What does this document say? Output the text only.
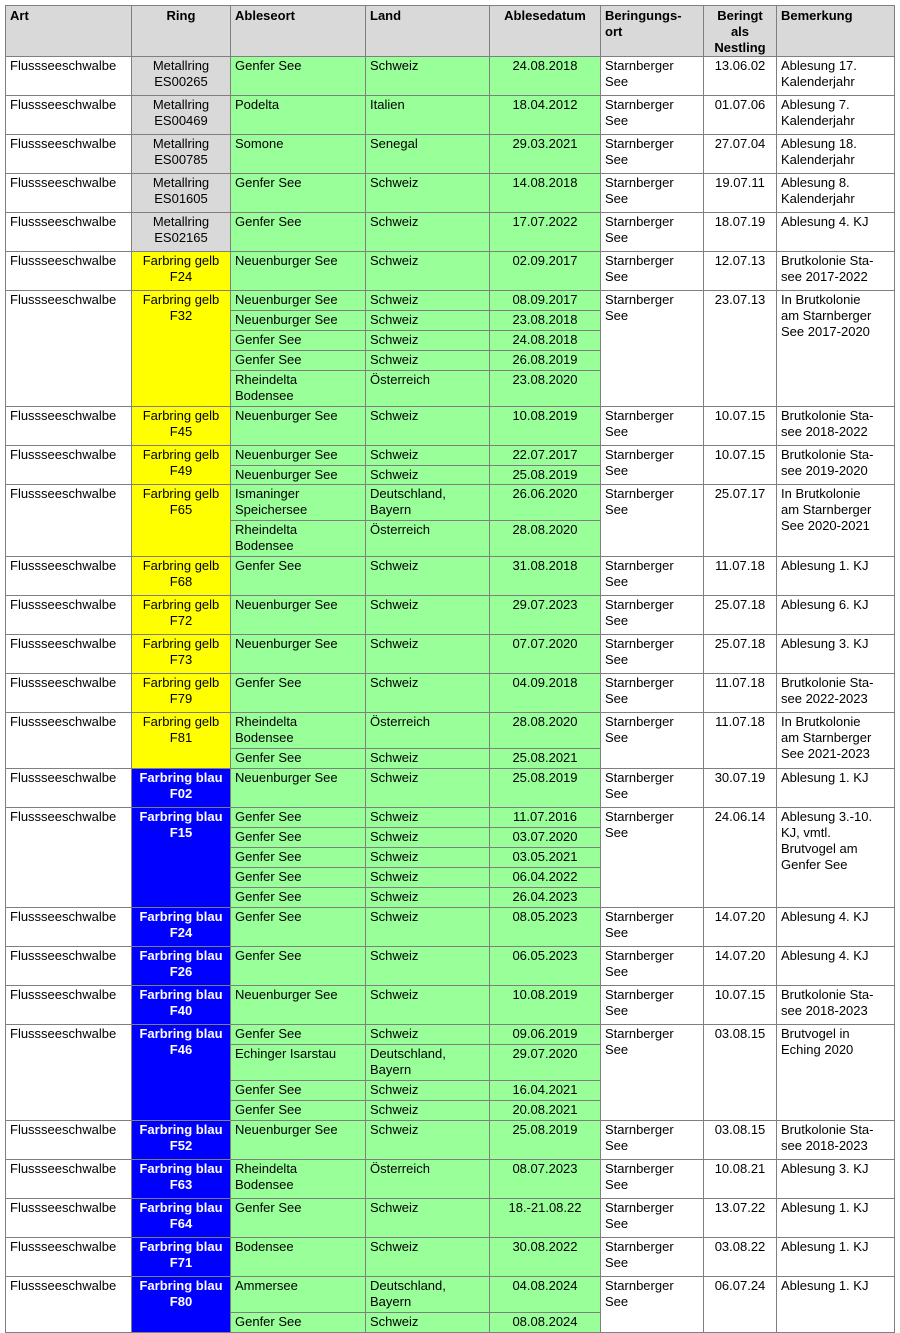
Art	Ring	Ableseort	Land	Ablesedatum	Beringungs-
ort	Beringt
als
Nestling	Bemerkung
Flussseeschwalbe	Metallring
ES00265	Genfer See	Schweiz	24.08.2018	Starnberger
See	13.06.02	Ablesung 17.
Kalenderjahr
Flussseeschwalbe	Metallring
ES00469	Podelta	Italien	18.04.2012	Starnberger
See	01.07.06	Ablesung 7.
Kalenderjahr
Flussseeschwalbe	Metallring
ES00785	Somone	Senegal	29.03.2021	Starnberger
See	27.07.04	Ablesung 18.
Kalenderjahr
Flussseeschwalbe	Metallring
ES01605	Genfer See	Schweiz	14.08.2018	Starnberger
See	19.07.11	Ablesung 8.
Kalenderjahr
Flussseeschwalbe	Metallring
ES02165	Genfer See	Schweiz	17.07.2022	Starnberger
See	18.07.19	Ablesung 4. KJ
Flussseeschwalbe	Farbring gelb
F24	Neuenburger See	Schweiz	02.09.2017	Starnberger
See	12.07.13	Brutkolonie Sta-
see 2017-2022
Flussseeschwalbe	Farbring gelb
F32	Neuenburger See	Schweiz	08.09.2017	Starnberger
See	23.07.13	In Brutkolonie
am Starnberger
See 2017-2020
		Neuenburger See	Schweiz	23.08.2018			
		Genfer See	Schweiz	24.08.2018			
		Genfer See	Schweiz	26.08.2019			
		Rheindelta
Bodensee	Österreich	23.08.2020			
Flussseeschwalbe	Farbring gelb
F45	Neuenburger See	Schweiz	10.08.2019	Starnberger
See	10.07.15	Brutkolonie Sta-
see 2018-2022
Flussseeschwalbe	Farbring gelb
F49	Neuenburger See	Schweiz	22.07.2017	Starnberger
See	10.07.15	Brutkolonie Sta-
see 2019-2020
		Neuenburger See	Schweiz	25.08.2019			
Flussseeschwalbe	Farbring gelb
F65	Ismaninger
Speichersee	Deutschland,
Bayern	26.06.2020	Starnberger
See	25.07.17	In Brutkolonie
am Starnberger
See 2020-2021
		Rheindelta
Bodensee	Österreich	28.08.2020			
Flussseeschwalbe	Farbring gelb
F68	Genfer See	Schweiz	31.08.2018	Starnberger
See	11.07.18	Ablesung 1. KJ
Flussseeschwalbe	Farbring gelb
F72	Neuenburger See	Schweiz	29.07.2023	Starnberger
See	25.07.18	Ablesung 6. KJ
Flussseeschwalbe	Farbring gelb
F73	Neuenburger See	Schweiz	07.07.2020	Starnberger
See	25.07.18	Ablesung 3. KJ
Flussseeschwalbe	Farbring gelb
F79	Genfer See	Schweiz	04.09.2018	Starnberger
See	11.07.18	Brutkolonie Sta-
see 2022-2023
Flussseeschwalbe	Farbring gelb
F81	Rheindelta
Bodensee	Österreich	28.08.2020	Starnberger
See	11.07.18	In Brutkolonie
am Starnberger
See 2021-2023
		Genfer See	Schweiz	25.08.2021			
Flussseeschwalbe	Farbring blau
F02	Neuenburger See	Schweiz	25.08.2019	Starnberger
See	30.07.19	Ablesung 1. KJ
Flussseeschwalbe	Farbring blau
F15	Genfer See	Schweiz	11.07.2016	Starnberger
See	24.06.14	Ablesung 3.-10.
KJ, vmtl.
Brutvogel am
Genfer See
		Genfer See	Schweiz	03.07.2020			
		Genfer See	Schweiz	03.05.2021			
		Genfer See	Schweiz	06.04.2022			
		Genfer See	Schweiz	26.04.2023			
Flussseeschwalbe	Farbring blau
F24	Genfer See	Schweiz	08.05.2023	Starnberger
See	14.07.20	Ablesung 4. KJ
Flussseeschwalbe	Farbring blau
F26	Genfer See	Schweiz	06.05.2023	Starnberger
See	14.07.20	Ablesung 4. KJ
Flussseeschwalbe	Farbring blau
F40	Neuenburger See	Schweiz	10.08.2019	Starnberger
See	10.07.15	Brutkolonie Sta-
see 2018-2023
Flussseeschwalbe	Farbring blau
F46	Genfer See	Schweiz	09.06.2019	Starnberger
See	03.08.15	Brutvogel in
Eching 2020
		Echinger Isarstau	Deutschland,
Bayern	29.07.2020			
		Genfer See	Schweiz	16.04.2021			
		Genfer See	Schweiz	20.08.2021			
Flussseeschwalbe	Farbring blau
F52	Neuenburger See	Schweiz	25.08.2019	Starnberger
See	03.08.15	Brutkolonie Sta-
see 2018-2023
Flussseeschwalbe	Farbring blau
F63	Rheindelta
Bodensee	Österreich	08.07.2023	Starnberger
See	10.08.21	Ablesung 3. KJ
Flussseeschwalbe	Farbring blau
F64	Genfer See	Schweiz	18.-21.08.22	Starnberger
See	13.07.22	Ablesung 1. KJ
Flussseeschwalbe	Farbring blau
F71	Bodensee	Schweiz	30.08.2022	Starnberger
See	03.08.22	Ablesung 1. KJ
Flussseeschwalbe	Farbring blau
F80	Ammersee	Deutschland,
Bayern	04.08.2024	Starnberger
See	06.07.24	Ablesung 1. KJ
		Genfer See	Schweiz	08.08.2024			
